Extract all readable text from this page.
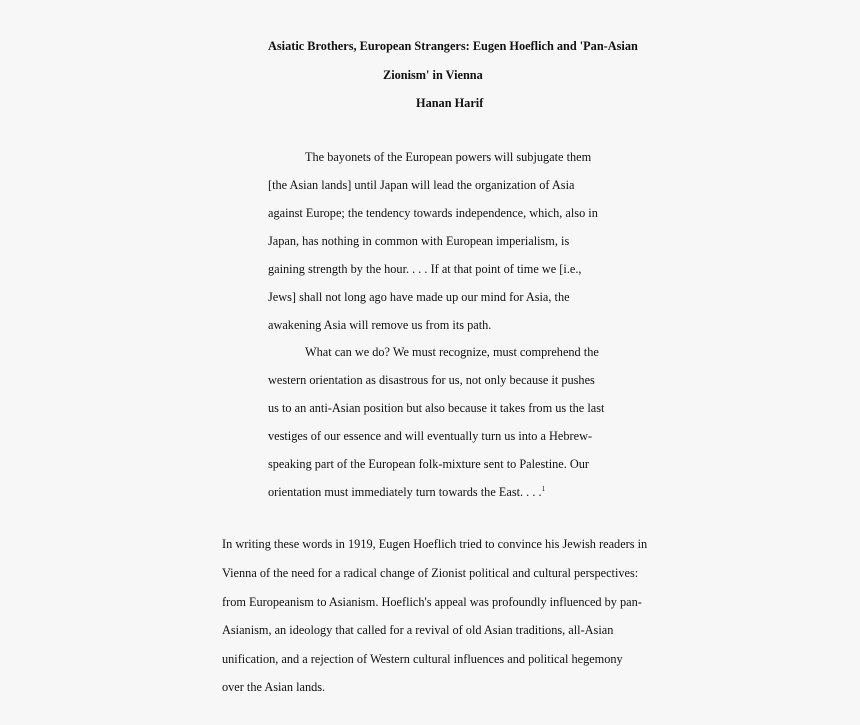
Asiatic Brothers, European Strangers: Eugen Hoeflich and 'Pan-Asian
Zionism' in Vienna
Hanan Harif
The bayonets of the European powers will subjugate them
[the Asian lands] until Japan will lead the organization of Asia
against Europe; the tendency towards independence, which, also in
Japan, has nothing in common with European imperialism, is
gaining strength by the hour. . . . If at that point of time we [i.e.,
Jews] shall not long ago have made up our mind for Asia, the
awakening Asia will remove us from its path.
What can we do? We must recognize, must comprehend the
western orientation as disastrous for us, not only because it pushes
us to an anti-Asian position but also because it takes from us the last
vestiges of our essence and will eventually turn us into a Hebrew-
speaking part of the European folk-mixture sent to Palestine. Our
orientation must immediately turn towards the East. . . .$^1$
In writing these words in 1919, Eugen Hoeflich tried to convince his Jewish readers in
Vienna of the need for a radical change of Zionist political and cultural perspectives:
from Europeanism to Asianism. Hoeflich's appeal was profoundly influenced by pan-
Asianism, an ideology that called for a revival of old Asian traditions, all-Asian
unification, and a rejection of Western cultural influences and political hegemony
over the Asian lands.
